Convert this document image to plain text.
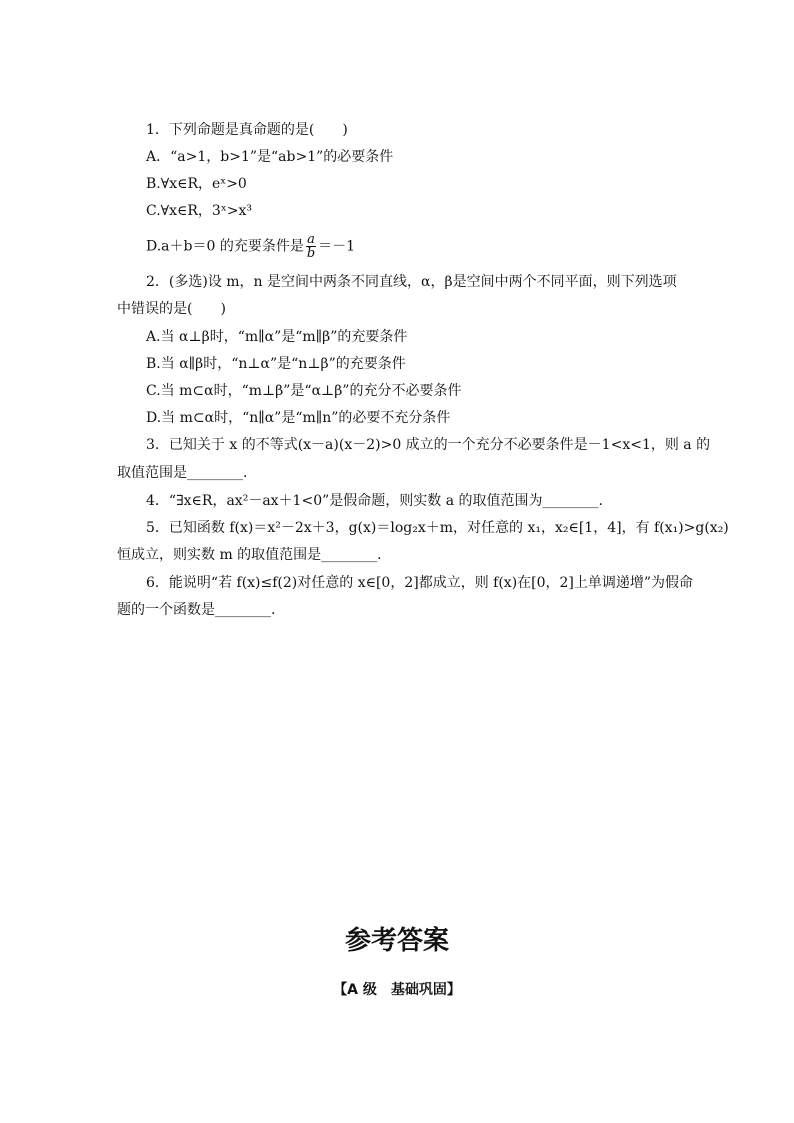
1．下列命题是真命题的是(　　)
A．“a>1，b>1”是“ab>1”的必要条件
B.∀x∈R，eˣ>0
C.∀x∈R，3ˣ>x³
D.a＋b＝0 的充要条件是 $\frac{a}{b} =-1$
2．(多选)设 m，n 是空间中两条不同直线，α，β是空间中两个不同平面，则下列选项
中错误的是(　　)
A.当 α⊥β时，“m∥α”是“m∥β”的充要条件
B.当 α∥β时，“n⊥α”是“n⊥β”的充要条件
C.当 m⊂α时，“m⊥β”是“α⊥β”的充分不必要条件
D.当 m⊂α时，“n∥α”是“m∥n”的必要不充分条件
3．已知关于 x 的不等式(x－a)(x－2)>0 成立的一个充分不必要条件是－1<x<1，则 a 的
取值范围是________.
4．“∃x∈R，ax²－ax＋1<0”是假命题，则实数 a 的取值范围为________.
5．已知函数 f(x)＝x²－2x＋3，g(x)＝log₂x＋m，对任意的 x₁，x₂∈[1，4]，有 f(x₁)>g(x₂)
恒成立，则实数 m 的取值范围是________.
6．能说明“若 f(x)≤f(2)对任意的 x∈[0，2]都成立，则 f(x)在[0，2]上单调递增”为假命
题的一个函数是________.
参考答案
【A 级　基础巩固】
